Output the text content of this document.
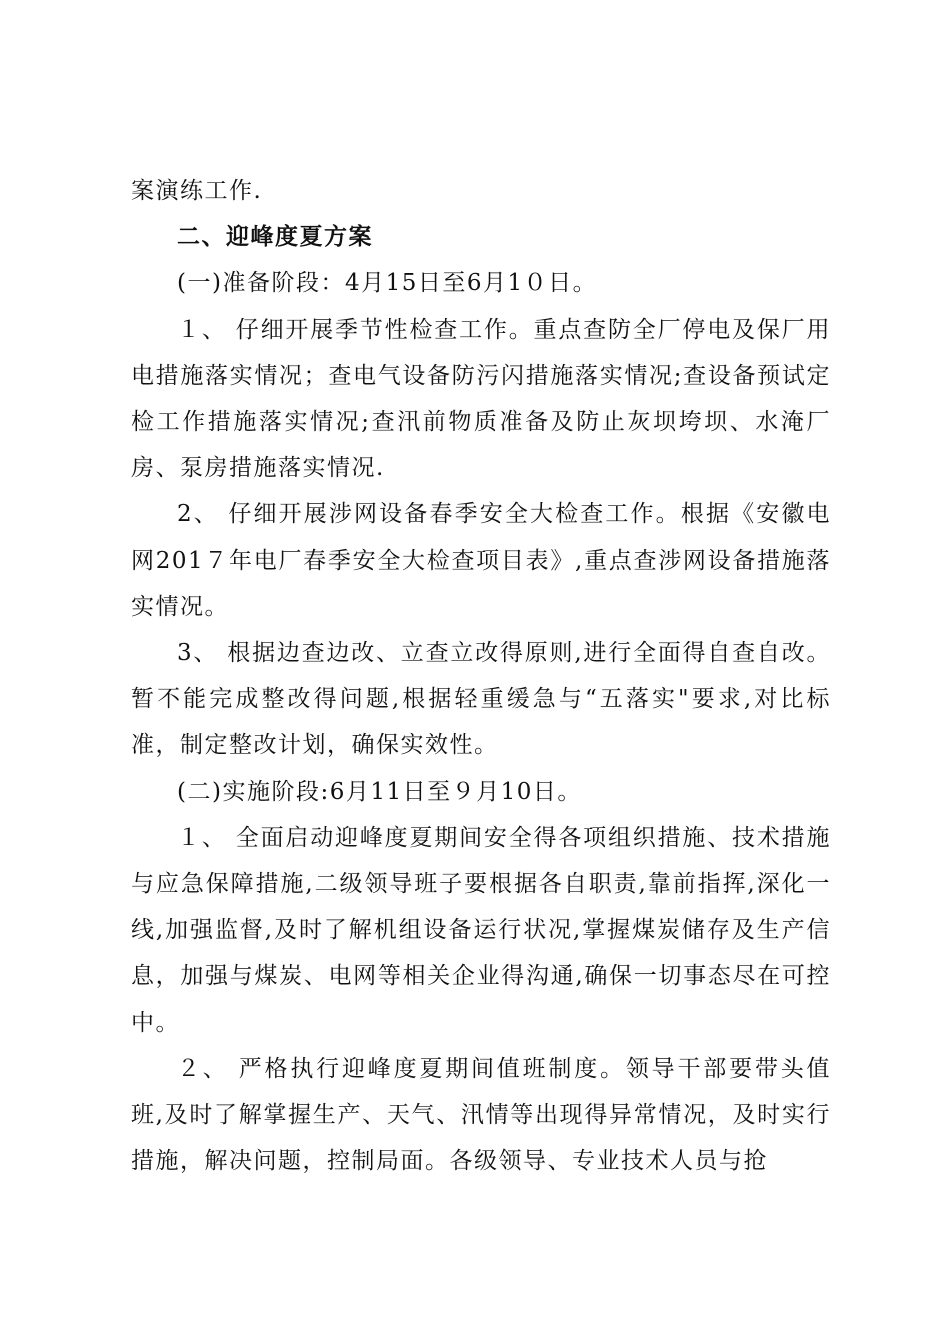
案演练工作.

二、迎峰度夏方案

(一)准备阶段：4月15日至6月1０日。

１、 仔细开展季节性检查工作。重点查防全厂停电及保厂用电措施落实情况；查电气设备防污闪措施落实情况;查设备预试定检工作措施落实情况;查汛前物质准备及防止灰坝垮坝、水淹厂房、泵房措施落实情况.

2、 仔细开展涉网设备春季安全大检查工作。根据《安徽电网201７年电厂春季安全大检查项目表》,重点查涉网设备措施落实情况。

3、 根据边查边改、立查立改得原则,进行全面得自查自改。暂不能完成整改得问题,根据轻重缓急与“五落实"要求,对比标准，制定整改计划，确保实效性。

(二)实施阶段:6月11日至９月10日。

１、 全面启动迎峰度夏期间安全得各项组织措施、技术措施与应急保障措施,二级领导班子要根据各自职责,靠前指挥,深化一线,加强监督,及时了解机组设备运行状况,掌握煤炭储存及生产信息，加强与煤炭、电网等相关企业得沟通,确保一切事态尽在可控中。

２、 严格执行迎峰度夏期间值班制度。领导干部要带头值班,及时了解掌握生产、天气、汛情等出现得异常情况，及时实行措施，解决问题，控制局面。各级领导、专业技术人员与抢
